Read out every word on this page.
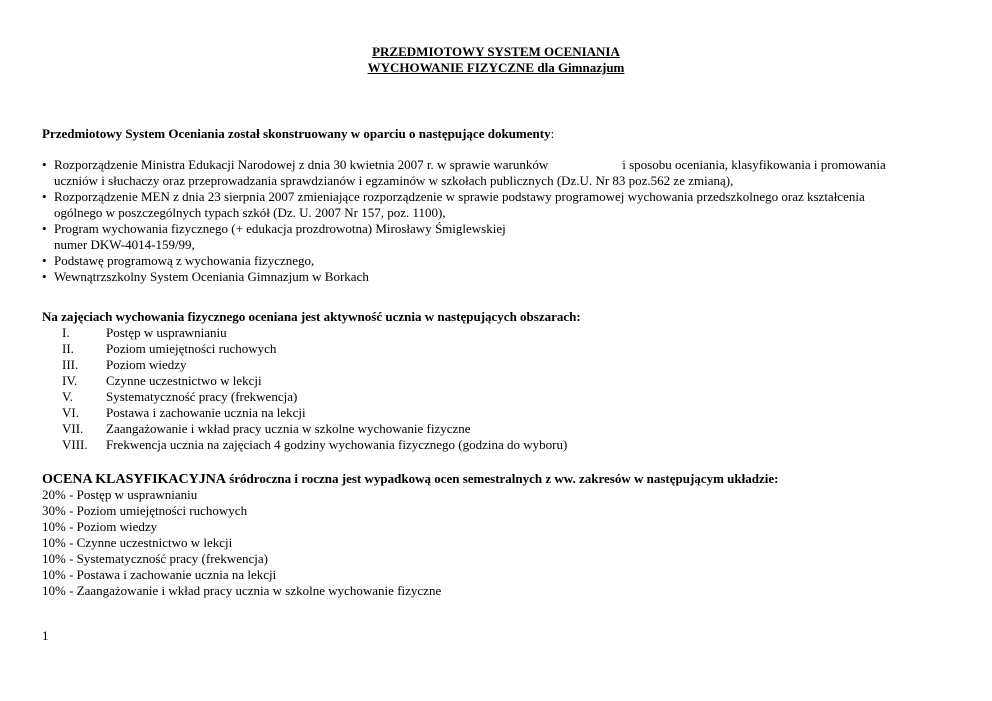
PRZEDMIOTOWY SYSTEM OCENIANIA
WYCHOWANIE FIZYCZNE dla Gimnazjum
Przedmiotowy System Oceniania został skonstruowany w oparciu o następujące dokumenty:
• Rozporządzenie Ministra Edukacji Narodowej z dnia 30 kwietnia 2007 r. w sprawie warunków	i sposobu oceniania, klasyfikowania i promowania
uczniów i słuchaczy oraz przeprowadzania sprawdzianów i egzaminów w szkołach publicznych (Dz.U. Nr 83 poz.562 ze zmianą),
• Rozporządzenie MEN z dnia 23 sierpnia 2007 zmieniające rozporządzenie w sprawie podstawy programowej wychowania przedszkolnego oraz kształcenia
ogólnego w poszczególnych typach szkół (Dz. U. 2007 Nr 157, poz. 1100),
• Program wychowania fizycznego (+ edukacja prozdrowotna) Mirosławy Śmiglewskiej
numer DKW-4014-159/99,
• Podstawę programową z wychowania fizycznego,
• Wewnątrzszkolny System Oceniania Gimnazjum w Borkach
Na zajęciach wychowania fizycznego oceniana jest aktywność ucznia w następujących obszarach:
I.	Postęp w usprawnianiu
II. Poziom umiejętności ruchowych
III. Poziom wiedzy
IV. Czynne uczestnictwo w lekcji
V.	Systematyczność pracy (frekwencja)
VI. Postawa i zachowanie ucznia na lekcji
VII. Zaangażowanie i wkład pracy ucznia w szkolne wychowanie fizyczne
VIII. Frekwencja ucznia na zajęciach 4 godziny wychowania fizycznego (godzina do wyboru)
OCENA KLASYFIKACYJNA śródroczna i roczna jest wypadkową ocen semestralnych z ww. zakresów w następującym układzie:
20% - Postęp w usprawnianiu
30% - Poziom umiejętności ruchowych
10% - Poziom wiedzy
10% - Czynne uczestnictwo w lekcji
10% - Systematyczność pracy (frekwencja)
10% - Postawa i zachowanie ucznia na lekcji
10% - Zaangażowanie i wkład pracy ucznia w szkolne wychowanie fizyczne
1
